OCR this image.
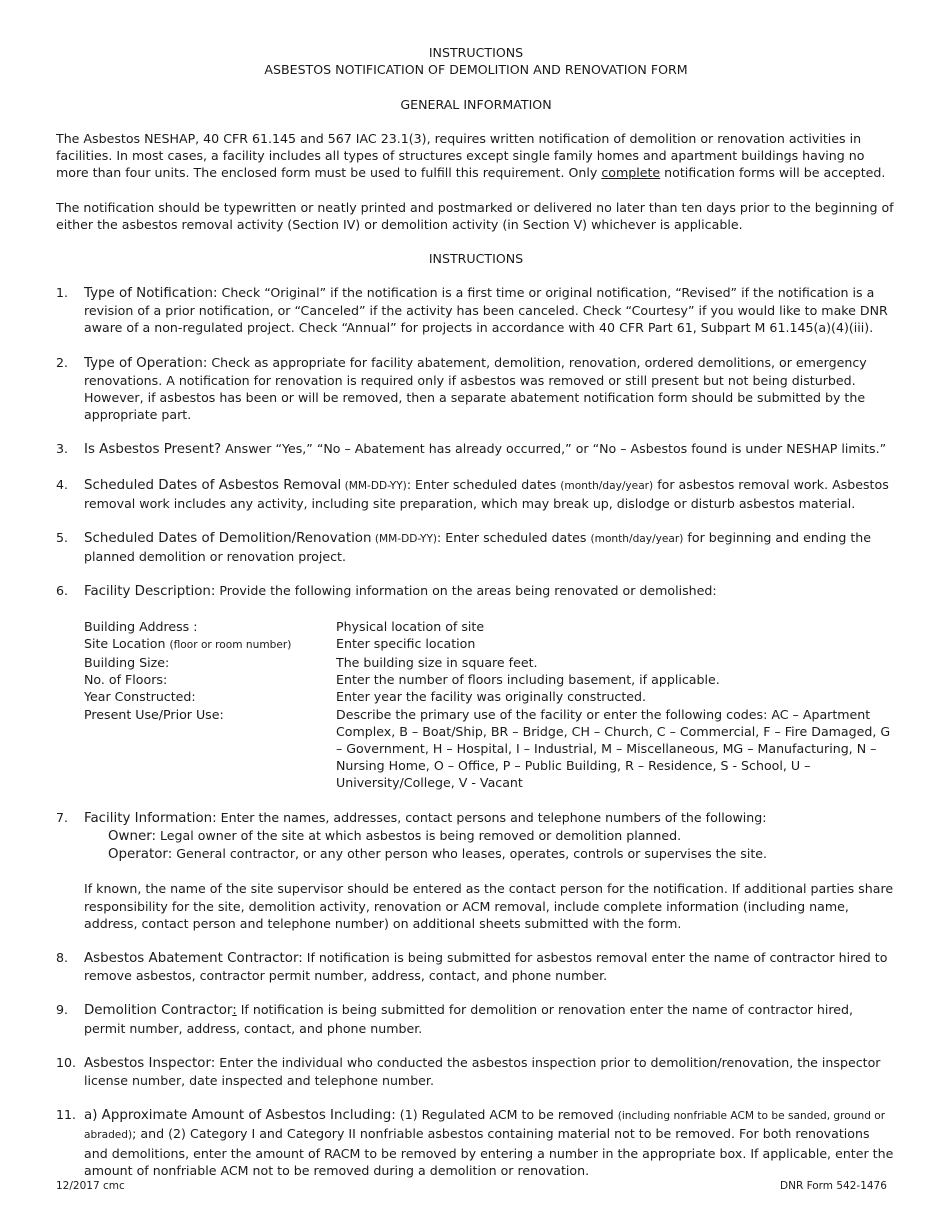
INSTRUCTIONS
ASBESTOS NOTIFICATION OF DEMOLITION AND RENOVATION FORM
GENERAL INFORMATION

The Asbestos NESHAP, 40 CFR 61.145 and 567 IAC 23.1(3), requires written notification of demolition or renovation activities in facilities. In most cases, a facility includes all types of structures except single family homes and apartment buildings having no more than four units. The enclosed form must be used to fulfill this requirement. Only complete notification forms will be accepted.

The notification should be typewritten or neatly printed and postmarked or delivered no later than ten days prior to the beginning of either the asbestos removal activity (Section IV) or demolition activity (in Section V) whichever is applicable.

INSTRUCTIONS
1. Type of Notification: Check “Original” if the notification is a first time or original notification, “Revised” if the notification is a revision of a prior notification, or “Canceled” if the activity has been canceled. Check “Courtesy” if you would like to make DNR aware of a non-regulated project. Check “Annual” for projects in accordance with 40 CFR Part 61, Subpart M 61.145(a)(4)(iii).
2. Type of Operation: Check as appropriate for facility abatement, demolition, renovation, ordered demolitions, or emergency renovations. A notification for renovation is required only if asbestos was removed or still present but not being disturbed. However, if asbestos has been or will be removed, then a separate abatement notification form should be submitted by the appropriate part.
3. Is Asbestos Present? Answer “Yes,” “No – Abatement has already occurred,” or “No – Asbestos found is under NESHAP limits.”
4. Scheduled Dates of Asbestos Removal (MM-DD-YY): Enter scheduled dates (month/day/year) for asbestos removal work. Asbestos removal work includes any activity, including site preparation, which may break up, dislodge or disturb asbestos material.
5. Scheduled Dates of Demolition/Renovation (MM-DD-YY): Enter scheduled dates (month/day/year) for beginning and ending the planned demolition or renovation project.
6. Facility Description: Provide the following information on the areas being renovated or demolished:
Building Address :	Physical location of site
Site Location (floor or room number)	Enter specific location
Building Size:	The building size in square feet.
No. of Floors:	Enter the number of floors including basement, if applicable.
Year Constructed:	Enter year the facility was originally constructed.
Present Use/Prior Use:	Describe the primary use of the facility or enter the following codes: AC – Apartment Complex, B – Boat/Ship, BR – Bridge, CH – Church, C – Commercial, F – Fire Damaged, G – Government, H – Hospital, I – Industrial, M – Miscellaneous, MG – Manufacturing, N – Nursing Home, O – Office, P – Public Building, R – Residence, S - School, U – University/College, V - Vacant
7. Facility Information: Enter the names, addresses, contact persons and telephone numbers of the following:
Owner: Legal owner of the site at which asbestos is being removed or demolition planned.
Operator: General contractor, or any other person who leases, operates, controls or supervises the site.
If known, the name of the site supervisor should be entered as the contact person for the notification. If additional parties share responsibility for the site, demolition activity, renovation or ACM removal, include complete information (including name, address, contact person and telephone number) on additional sheets submitted with the form.
8. Asbestos Abatement Contractor: If notification is being submitted for asbestos removal enter the name of contractor hired to remove asbestos, contractor permit number, address, contact, and phone number.
9. Demolition Contractor: If notification is being submitted for demolition or renovation enter the name of contractor hired, permit number, address, contact, and phone number.
10. Asbestos Inspector: Enter the individual who conducted the asbestos inspection prior to demolition/renovation, the inspector license number, date inspected and telephone number.
11. a) Approximate Amount of Asbestos Including: (1) Regulated ACM to be removed (including nonfriable ACM to be sanded, ground or abraded); and (2) Category I and Category II nonfriable asbestos containing material not to be removed. For both renovations and demolitions, enter the amount of RACM to be removed by entering a number in the appropriate box. If applicable, enter the amount of nonfriable ACM not to be removed during a demolition or renovation.
12/2017 cmc	DNR Form 542-1476
